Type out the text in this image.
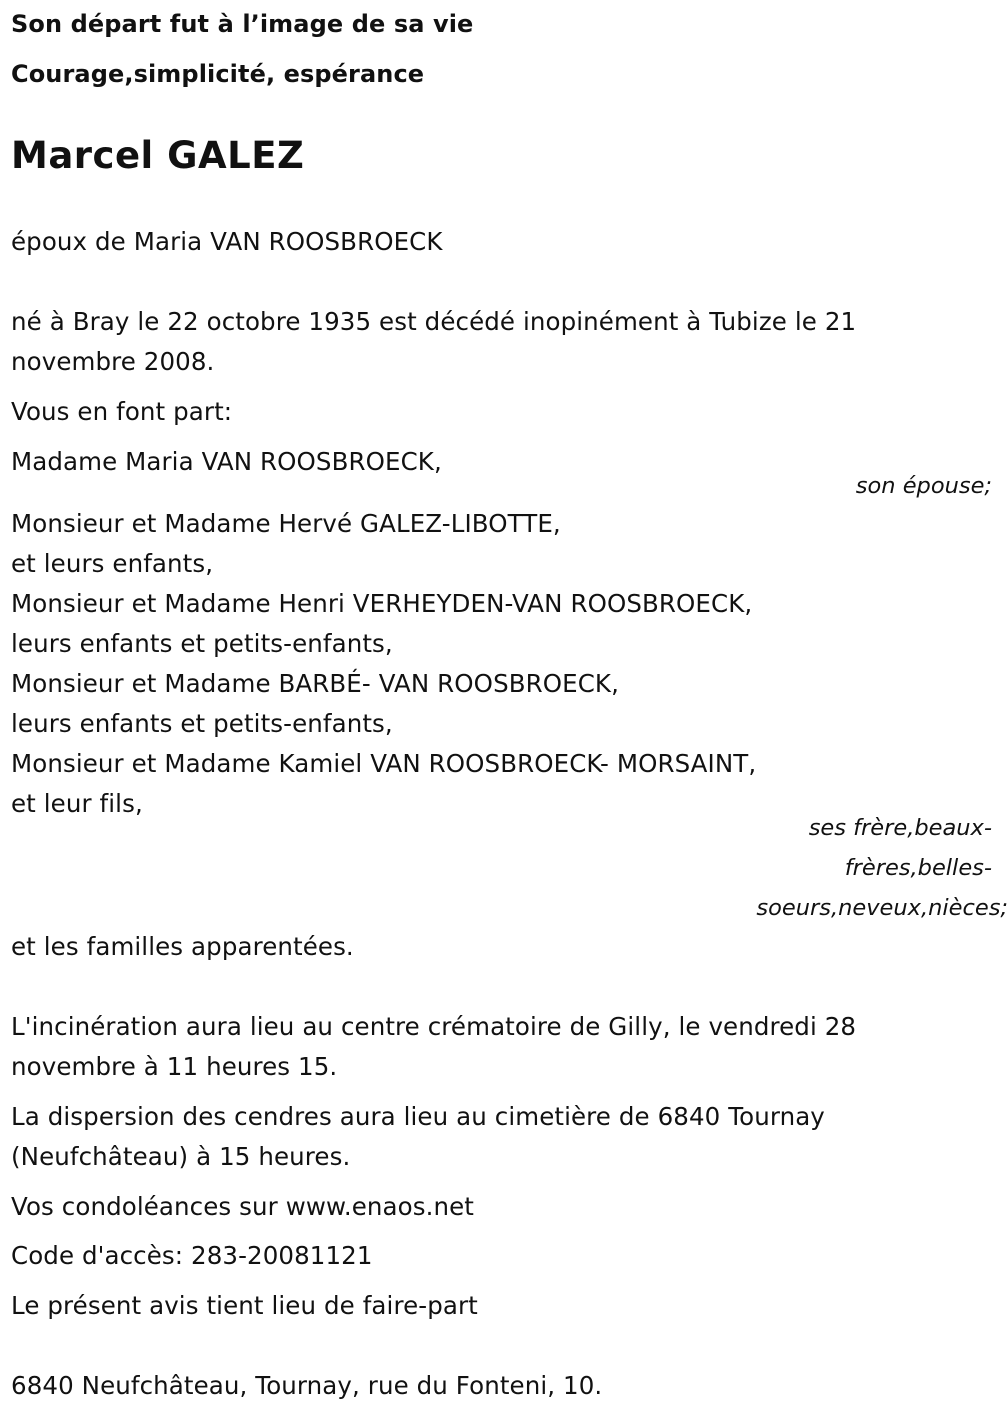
Son départ fut à l’image de sa vie
Courage,simplicité, espérance
Marcel GALEZ
époux de Maria VAN ROOSBROECK
né à Bray le 22 octobre 1935 est décédé inopinément à Tubize le 21
novembre 2008.
Vous en font part:
Madame Maria VAN ROOSBROECK,
son épouse;
Monsieur et Madame Hervé GALEZ-LIBOTTE,
et leurs enfants,
Monsieur et Madame Henri VERHEYDEN-VAN ROOSBROECK,
leurs enfants et petits-enfants,
Monsieur et Madame BARBÉ- VAN ROOSBROECK,
leurs enfants et petits-enfants,
Monsieur et Madame Kamiel VAN ROOSBROECK- MORSAINT,
et leur fils,
ses frère,beaux-
frères,belles-
soeurs,neveux,nièces;
et les familles apparentées.
L'incinération aura lieu au centre crématoire de Gilly, le vendredi 28
novembre à 11 heures 15.
La dispersion des cendres aura lieu au cimetière de 6840 Tournay
(Neufchâteau) à 15 heures.
Vos condoléances sur www.enaos.net
Code d'accès: 283-20081121
Le présent avis tient lieu de faire-part
6840 Neufchâteau, Tournay, rue du Fonteni, 10.
